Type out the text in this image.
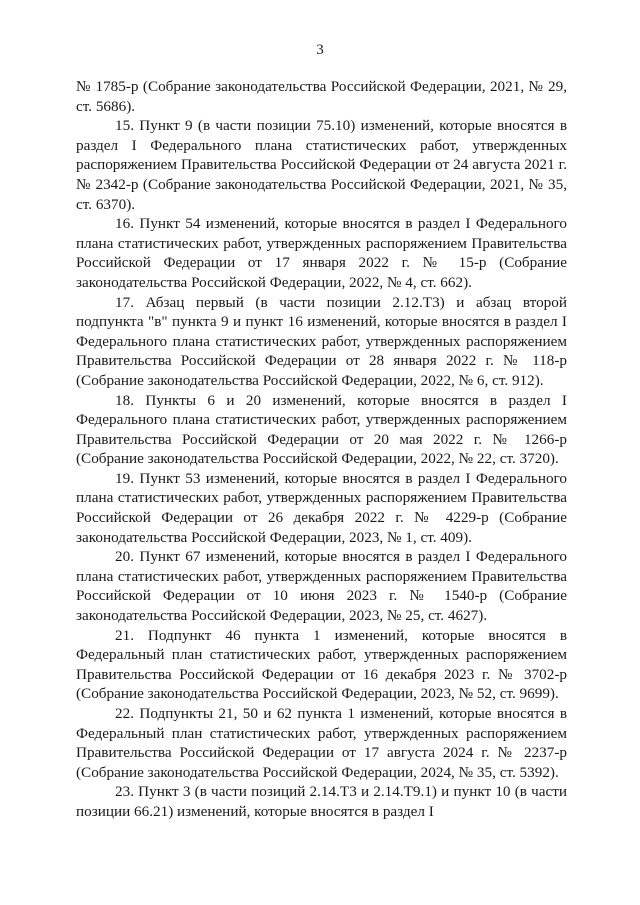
3

№ 1785-р (Собрание законодательства Российской Федерации, 2021, № 29, ст. 5686).

15. Пункт 9 (в части позиции 75.10) изменений, которые вносятся в раздел I Федерального плана статистических работ, утвержденных распоряжением Правительства Российской Федерации от 24 августа 2021 г. № 2342-р (Собрание законодательства Российской Федерации, 2021, № 35, ст. 6370).

16. Пункт 54 изменений, которые вносятся в раздел I Федерального плана статистических работ, утвержденных распоряжением Правительства Российской Федерации от 17 января 2022 г. № 15-р (Собрание законодательства Российской Федерации, 2022, № 4, ст. 662).

17. Абзац первый (в части позиции 2.12.Т3) и абзац второй подпункта "в" пункта 9 и пункт 16 изменений, которые вносятся в раздел I Федерального плана статистических работ, утвержденных распоряжением Правительства Российской Федерации от 28 января 2022 г. № 118-р (Собрание законодательства Российской Федерации, 2022, № 6, ст. 912).

18. Пункты 6 и 20 изменений, которые вносятся в раздел I Федерального плана статистических работ, утвержденных распоряжением Правительства Российской Федерации от 20 мая 2022 г. № 1266-р (Собрание законодательства Российской Федерации, 2022, № 22, ст. 3720).

19. Пункт 53 изменений, которые вносятся в раздел I Федерального плана статистических работ, утвержденных распоряжением Правительства Российской Федерации от 26 декабря 2022 г. № 4229-р (Собрание законодательства Российской Федерации, 2023, № 1, ст. 409).

20. Пункт 67 изменений, которые вносятся в раздел I Федерального плана статистических работ, утвержденных распоряжением Правительства Российской Федерации от 10 июня 2023 г. № 1540-р (Собрание законодательства Российской Федерации, 2023, № 25, ст. 4627).

21. Подпункт 46 пункта 1 изменений, которые вносятся в Федеральный план статистических работ, утвержденных распоряжением Правительства Российской Федерации от 16 декабря 2023 г. № 3702-р (Собрание законодательства Российской Федерации, 2023, № 52, ст. 9699).

22. Подпункты 21, 50 и 62 пункта 1 изменений, которые вносятся в Федеральный план статистических работ, утвержденных распоряжением Правительства Российской Федерации от 17 августа 2024 г. № 2237-р (Собрание законодательства Российской Федерации, 2024, № 35, ст. 5392).

23. Пункт 3 (в части позиций 2.14.Т3 и 2.14.Т9.1) и пункт 10 (в части позиции 66.21) изменений, которые вносятся в раздел I
